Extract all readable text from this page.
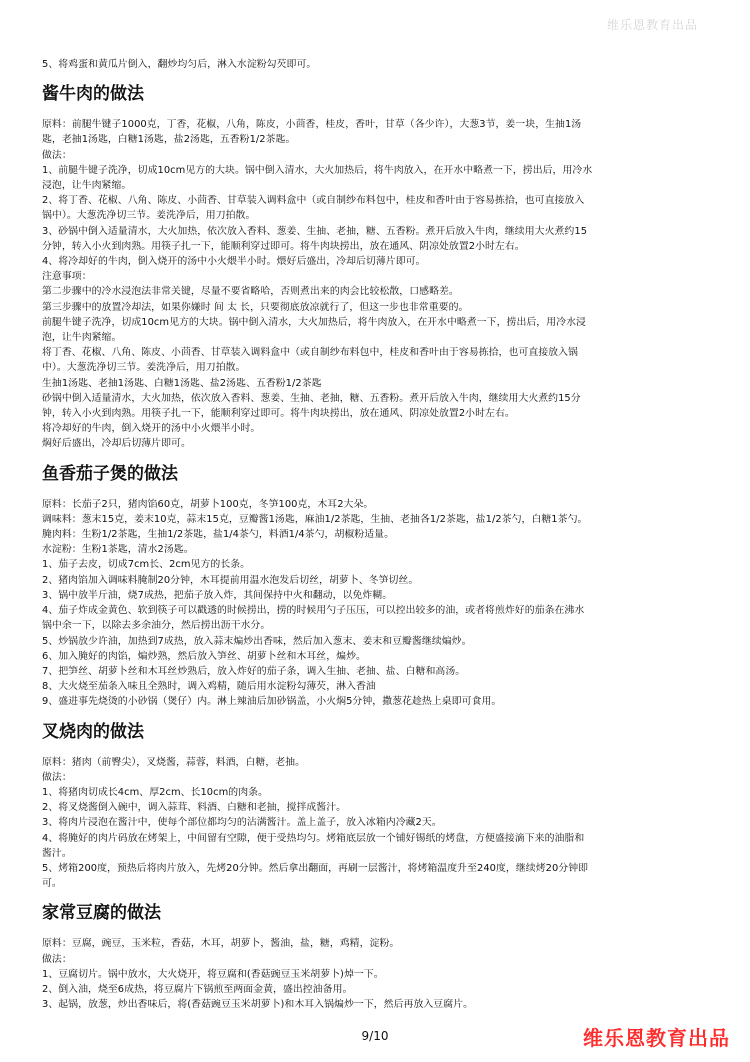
维乐恩教育出品
5、将鸡蛋和黄瓜片倒入，翻炒均匀后，淋入水淀粉勾芡即可。
酱牛肉的做法
原料：前腿牛键子1000克，丁香，花椒，八角，陈皮，小茴香，桂皮，香叶，甘草（各少许），大葱3节，姜一块，生抽1汤
匙，老抽1汤匙，白糖1汤匙，盐2汤匙，五香粉1/2茶匙。
做法：
1、前腿牛键子洗净，切成10cm见方的大块。锅中倒入清水，大火加热后，将牛肉放入，在开水中略煮一下，捞出后，用冷水
浸泡，让牛肉紧缩。
2、将丁香、花椒、八角、陈皮、小茴香、甘草装入调料盒中（或自制纱布料包中，桂皮和香叶由于容易拣拾，也可直接放入
锅中）。大葱洗净切三节。姜洗净后，用刀拍散。
3、砂锅中倒入适量清水，大火加热，依次放入香料、葱姜、生抽、老抽，糖、五香粉。煮开后放入牛肉，继续用大火煮约15
分钟，转入小火到肉熟。用筷子扎一下，能顺利穿过即可。将牛肉块捞出，放在通风、阴凉处放置2小时左右。
4、将冷却好的牛肉，倒入烧开的汤中小火煨半小时。煨好后盛出，冷却后切薄片即可。
注意事项：
第二步骤中的冷水浸泡法非常关键，尽量不要省略哈，否则煮出来的肉会比较松散，口感略差。
第三步骤中的放置冷却法，如果你嫌时 间 太 长，只要彻底放凉就行了，但这一步也非常重要的。
前腿牛键子洗净，切成10cm见方的大块。锅中倒入清水，大火加热后，将牛肉放入，在开水中略煮一下，捞出后，用冷水浸
泡，让牛肉紧缩。
将丁香、花椒、八角、陈皮、小茴香、甘草装入调料盒中（或自制纱布料包中，桂皮和香叶由于容易拣拾，也可直接放入锅
中）。大葱洗净切三节。姜洗净后，用刀拍散。
生抽1汤匙、老抽1汤匙、白糖1汤匙、盐2汤匙、五香粉1/2茶匙
砂锅中倒入适量清水，大火加热，依次放入香料、葱姜、生抽、老抽，糖、五香粉。煮开后放入牛肉，继续用大火煮约15分
钟，转入小火到肉熟。用筷子扎一下，能顺利穿过即可。将牛肉块捞出，放在通风、阴凉处放置2小时左右。
将冷却好的牛肉，倒入烧开的汤中小火煨半小时。
焖好后盛出，冷却后切薄片即可。
鱼香茄子煲的做法
原料：长茄子2只，猪肉馅60克，胡萝卜100克，冬笋100克，木耳2大朵。
调味料：葱末15克，姜末10克，蒜末15克，豆瓣酱1汤匙，麻油1/2茶匙，生抽、老抽各1/2茶匙，盐1/2茶勺，白糖1茶勺。
腌肉料：生粉1/2茶匙，生抽1/2茶匙，盐1/4茶勺，料酒1/4茶勺，胡椒粉适量。
水淀粉：生粉1茶匙，清水2汤匙。
1、茄子去皮，切成7cm长、2cm见方的长条。
2、猪肉馅加入调味料腌制20分钟，木耳提前用温水泡发后切丝，胡萝卜、冬笋切丝。
3、锅中放半斤油，烧7成热，把茄子放入炸，其间保持中火和翻动，以免炸糊。
4、茄子炸成金黄色、软到筷子可以戳透的时候捞出，捞的时候用勺子压压，可以控出较多的油，或者将煎炸好的茄条在沸水
锅中余一下，以除去多余油分，然后捞出沥干水分。
5、炒锅放少许油，加热到7成热，放入蒜末煸炒出香味，然后加入葱末、姜末和豆瓣酱继续煸炒。
6、加入腌好的肉馅，煸炒熟，然后放入笋丝、胡萝卜丝和木耳丝，煸炒。
7、把笋丝、胡萝卜丝和木耳丝炒熟后，放入炸好的茄子条，调入生抽、老抽、盐、白糖和高汤。
8、大火烧至茄条入味且全熟时，调入鸡精，随后用水淀粉勾薄芡，淋入香油
9、盛进事先烧烫的小砂锅（煲仔）内。淋上辣油后加砂锅盖，小火焖5分钟，撒葱花趁热上桌即可食用。
叉烧肉的做法
原料：猪肉（前臀尖），叉烧酱，蒜蓉，料酒，白糖，老抽。
做法：
1、将猪肉切成长4cm、厚2cm、长10cm的肉条。
2、将叉烧酱倒入碗中，调入蒜茸、料酒、白糖和老抽，搅拌成酱汁。
3、将肉片浸泡在酱汁中，使每个部位都均匀的沾满酱汁。盖上盖子，放入冰箱内冷藏2天。
4、将腌好的肉片码放在烤架上，中间留有空隙，便于受热均匀。烤箱底层放一个铺好锡纸的烤盘，方便盛接滴下来的油脂和
酱汁。
5、烤箱200度，预热后将肉片放入，先烤20分钟。然后拿出翻面，再刷一层酱汁，将烤箱温度升至240度，继续烤20分钟即
可。
家常豆腐的做法
原料：豆腐，豌豆，玉米粒，香菇，木耳，胡萝卜，酱油，盐，糖，鸡精，淀粉。
做法：
1、豆腐切片。锅中放水，大火烧开，将豆腐和(香菇豌豆玉米胡萝卜)焯一下。
2、倒入油，烧至6成热，将豆腐片下锅煎至两面金黄，盛出控油备用。
3、起锅，放葱，炒出香味后，将(香菇豌豆玉米胡萝卜)和木耳入锅煸炒一下，然后再放入豆腐片。
9/10	维乐恩教育出品
